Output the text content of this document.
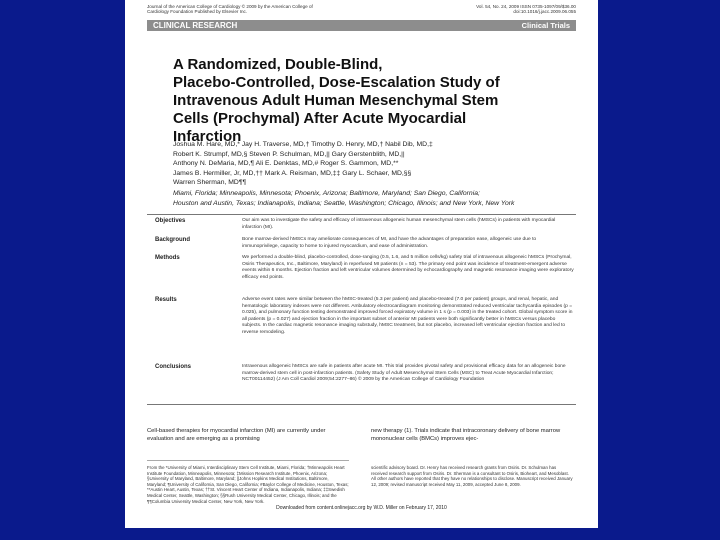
Journal of the American College of Cardiology © 2009 by the American College of Cardiology Foundation Published by Elsevier Inc.
Vol. 54, No. 24, 2009 ISSN 0735-1097/09/$36.00 doi:10.1016/j.jacc.2009.06.055
CLINICAL RESEARCH	Clinical Trials
A Randomized, Double-Blind,
Placebo-Controlled, Dose-Escalation Study of
Intravenous Adult Human Mesenchymal Stem
Cells (Prochymal) After Acute Myocardial Infarction
Joshua M. Hare, MD,* Jay H. Traverse, MD,† Timothy D. Henry, MD,† Nabil Dib, MD,‡
Robert K. Strumpf, MD,§ Steven P. Schulman, MD,|| Gary Gerstenblith, MD,||
Anthony N. DeMaria, MD,¶ Ali E. Denktas, MD,# Roger S. Gammon, MD,**
James B. Hermiller, Jr, MD,†† Mark A. Reisman, MD,‡‡ Gary L. Schaer, MD,§§
Warren Sherman, MD¶¶
Miami, Florida; Minneapolis, Minnesota; Phoenix, Arizona; Baltimore, Maryland; San Diego, California;
Houston and Austin, Texas; Indianapolis, Indiana; Seattle, Washington; Chicago, Illinois; and New York, New York
Objectives	Our aim was to investigate the safety and efficacy of intravenous allogeneic human mesenchymal stem cells (hMSCs) in patients with myocardial infarction (MI).
Background	Bone marrow-derived hMSCs may ameliorate consequences of MI, and have the advantages of preparation ease, allogeneic use due to immunoprivilege, capacity to home to injured myocardium, and ease of administration.
Methods	We performed a double-blind, placebo-controlled, dose-ranging (0.5, 1.6, and 5 million cells/kg) safety trial of intravenous allogeneic hMSCs (Prochymal, Osiris Therapeutics, Inc., Baltimore, Maryland) in reperfused MI patients (n = 53). The primary end point was incidence of treatment-emergent adverse events within 6 months. Ejection fraction and left ventricular volumes determined by echocardiography and magnetic resonance imaging were exploratory efficacy end points.
Results	Adverse event rates were similar between the hMSC-treated (5.3 per patient) and placebo-treated (7.0 per patient) groups, and renal, hepatic, and hematologic laboratory indexes were not different. Ambulatory electrocardiogram monitoring demonstrated reduced ventricular tachycardia episodes (p = 0.025), and pulmonary function testing demonstrated improved forced expiratory volume in 1 s (p = 0.003) in the treated cohort. Global symptom score in all patients (p = 0.027) and ejection fraction in the important subset of anterior MI patients were both significantly better in hMSCs versus placebo subjects. In the cardiac magnetic resonance imaging substudy, hMSC treatment, but not placebo, increased left ventricular ejection fraction and led to reverse remodeling.
Conclusions	Intravenous allogeneic hMSCs are safe in patients after acute MI. This trial provides pivotal safety and provisional efficacy data for an allogeneic bone marrow-derived stem cell in post-infarction patients. (Safety Study of Adult Mesenchymal Stem Cells (MSC) to Treat Acute Myocardial Infarction; NCT00114452) (J Am Coll Cardiol 2009;54:2277–86) © 2009 by the American College of Cardiology Foundation
Cell-based therapies for myocardial infarction (MI) are currently under evaluation and are emerging as a promising
new therapy (1). Trials indicate that intracoronary delivery of bone marrow mononuclear cells (BMCs) improves ejec-
From the *University of Miami, Interdisciplinary Stem Cell Institute, Miami, Florida; †Minneapolis Heart Institute Foundation, Minneapolis, Minnesota; ‡Mission Research Institute, Phoenix, Arizona; §University of Maryland, Baltimore, Maryland; ||Johns Hopkins Medical Institutions, Baltimore, Maryland; ¶University of California, San Diego, California; #Baylor College of Medicine, Houston, Texas; **Austin Heart, Austin, Texas; ††St. Vincent Heart Center of Indiana, Indianapolis, Indiana; ‡‡Swedish Medical Center, Seattle, Washington; §§Rush University Medical Center, Chicago, Illinois; and the ¶¶Columbia University Medical Center, New York, New York.
scientific advisory board. Dr. Henry has received research grants from Osiris. Dr. Schulman has received research support from Osiris. Dr. Sherman is a consultant to Osiris, Bioheart, and Mesoblast. All other authors have reported that they have no relationships to disclose. Manuscript received January 12, 2009; revised manuscript received May 11, 2009, accepted June 8, 2009.
Downloaded from content.onlinejacc.org by W.D. Miller on February 17, 2010
